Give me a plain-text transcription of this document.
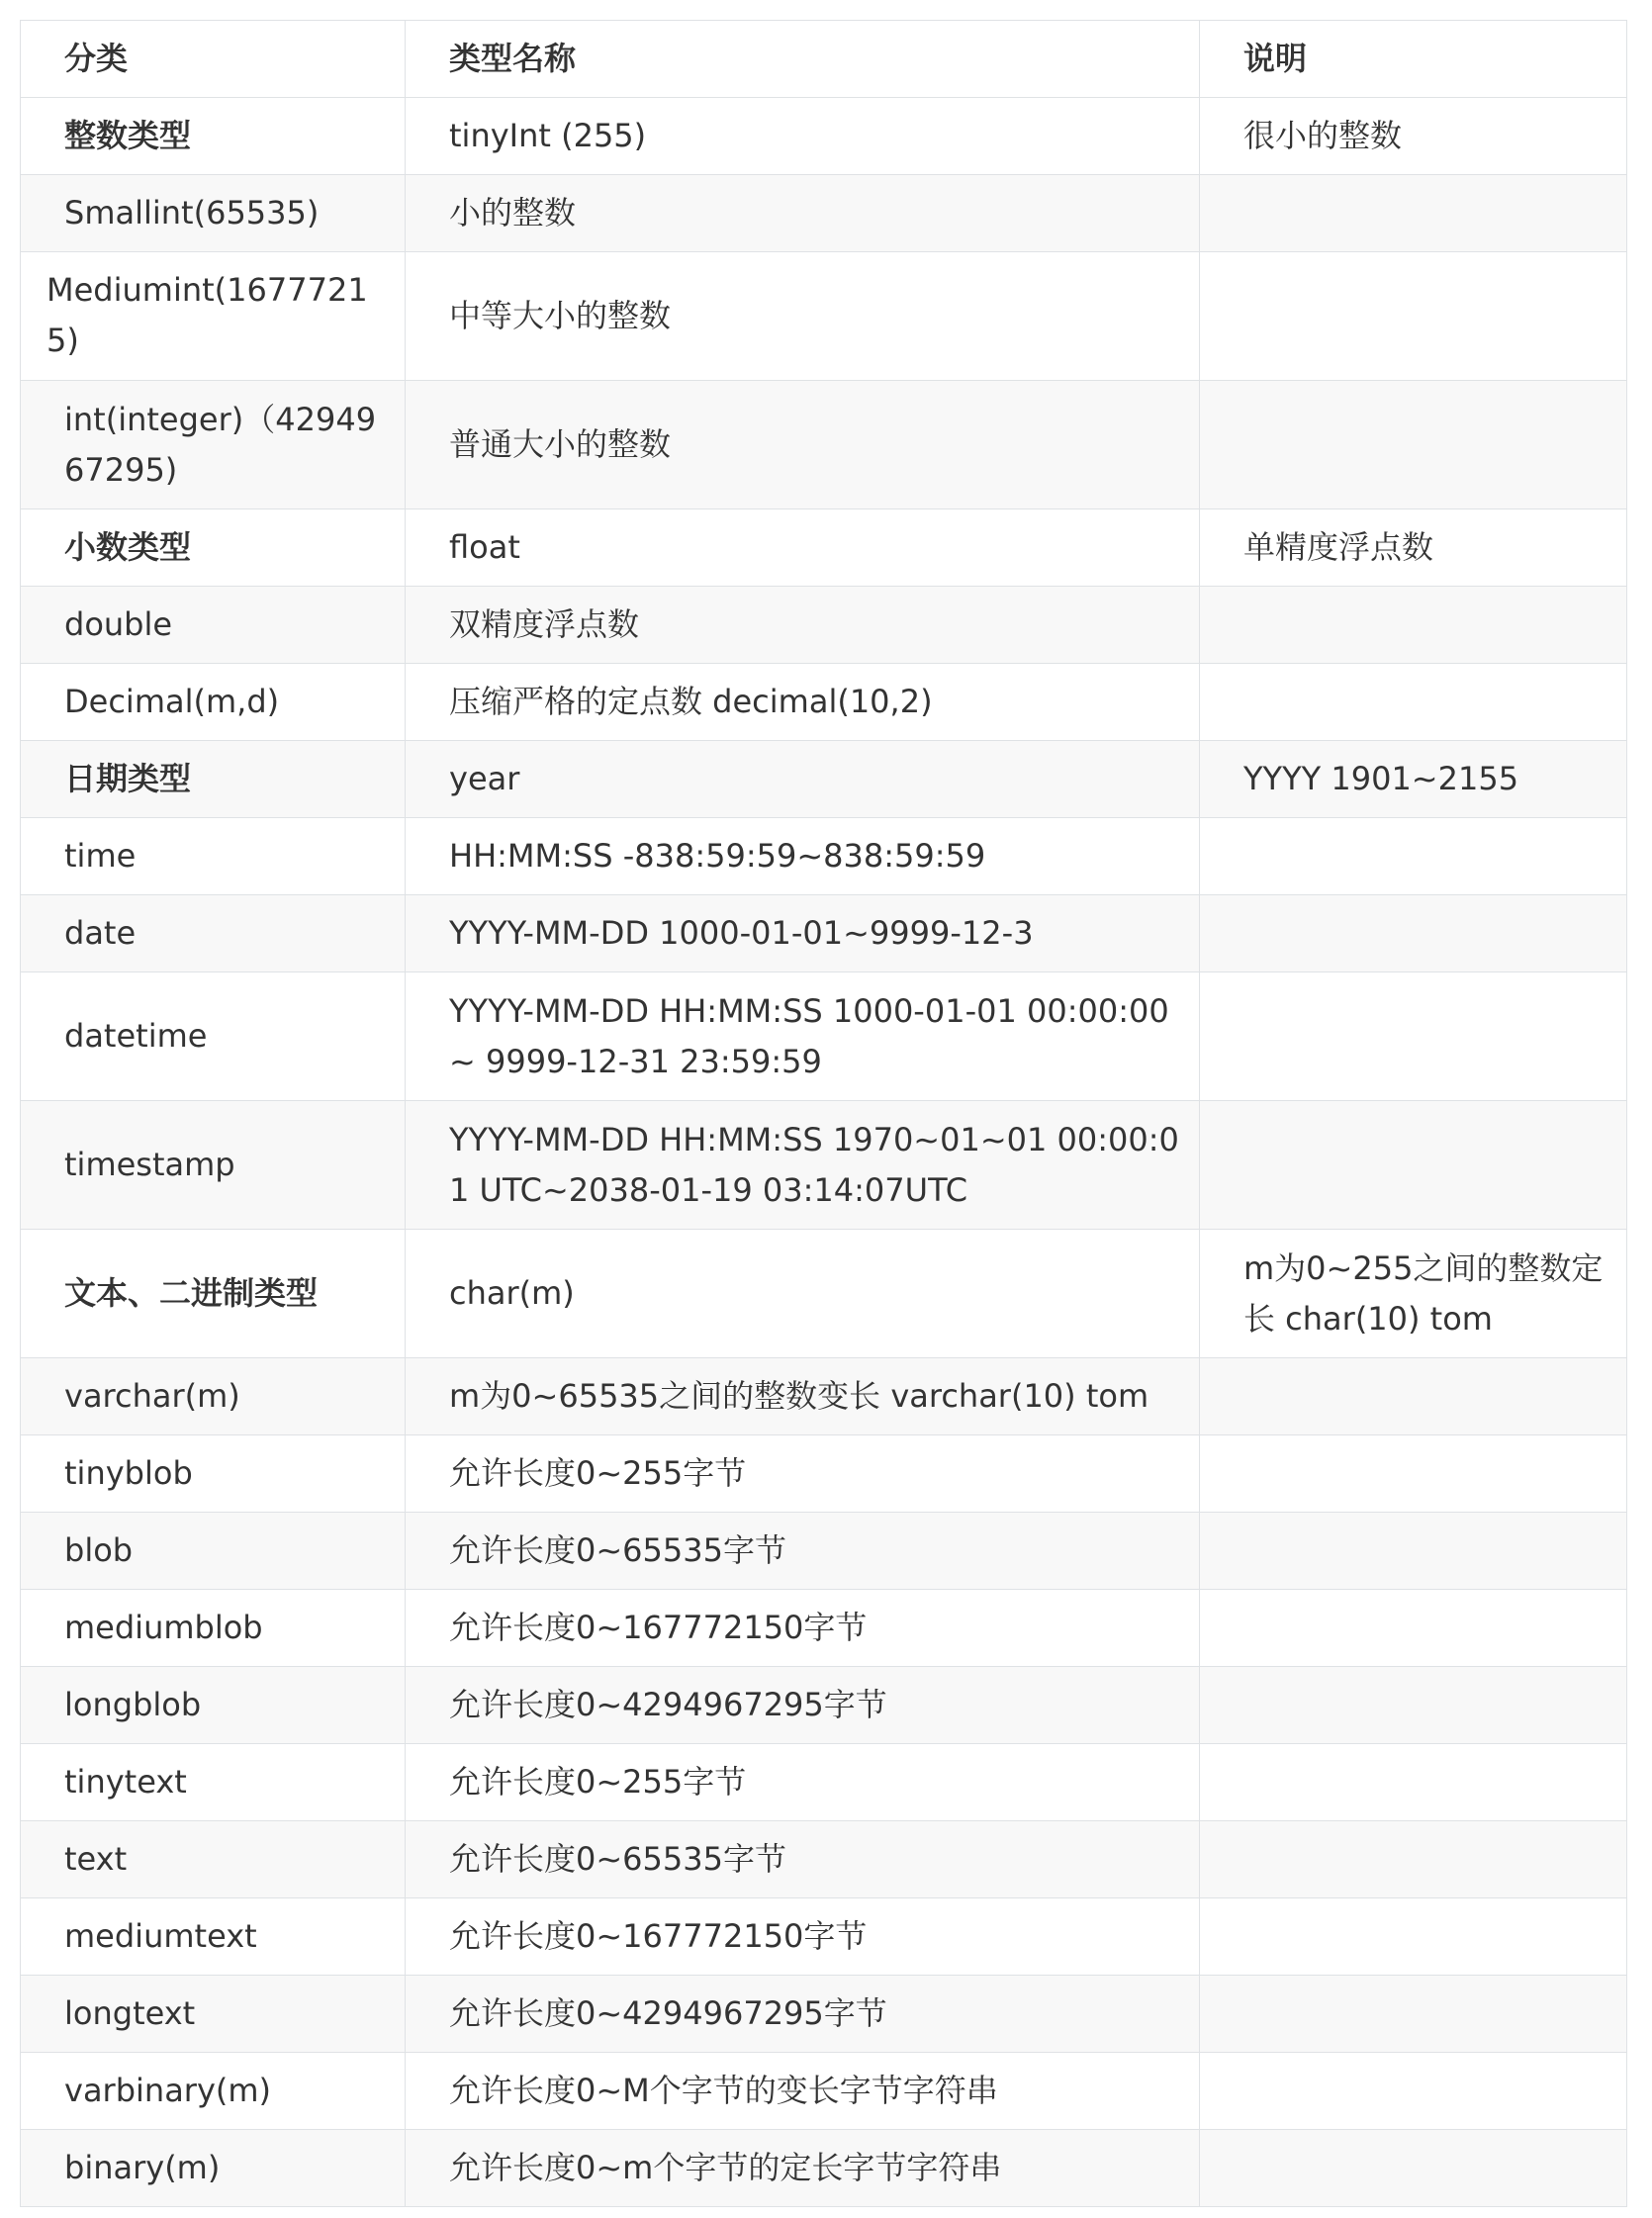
分类	类型名称	说明
整数类型	tinyInt (255)	很小的整数
Smallint(65535)	小的整数	
Mediumint(16777215)	中等大小的整数	
int(integer)（4294967295)	普通大小的整数	
小数类型	float	单精度浮点数
double	双精度浮点数	
Decimal(m,d)	压缩严格的定点数 decimal(10,2)	
日期类型	year	YYYY 1901~2155
time	HH:MM:SS -838:59:59~838:59:59	
date	YYYY-MM-DD 1000-01-01~9999-12-3	
datetime	YYYY-MM-DD HH:MM:SS 1000-01-01 00:00:00~ 9999-12-31 23:59:59	
timestamp	YYYY-MM-DD HH:MM:SS 1970~01~01 00:00:01 UTC~2038-01-19 03:14:07UTC	
文本、二进制类型	char(m)	m为0~255之间的整数定长 char(10) tom
varchar(m)	m为0~65535之间的整数变长 varchar(10) tom	
tinyblob	允许长度0~255字节	
blob	允许长度0~65535字节	
mediumblob	允许长度0~167772150字节	
longblob	允许长度0~4294967295字节	
tinytext	允许长度0~255字节	
text	允许长度0~65535字节	
mediumtext	允许长度0~167772150字节	
longtext	允许长度0~4294967295字节	
varbinary(m)	允许长度0~M个字节的变长字节字符串	
binary(m)	允许长度0~m个字节的定长字节字符串	
